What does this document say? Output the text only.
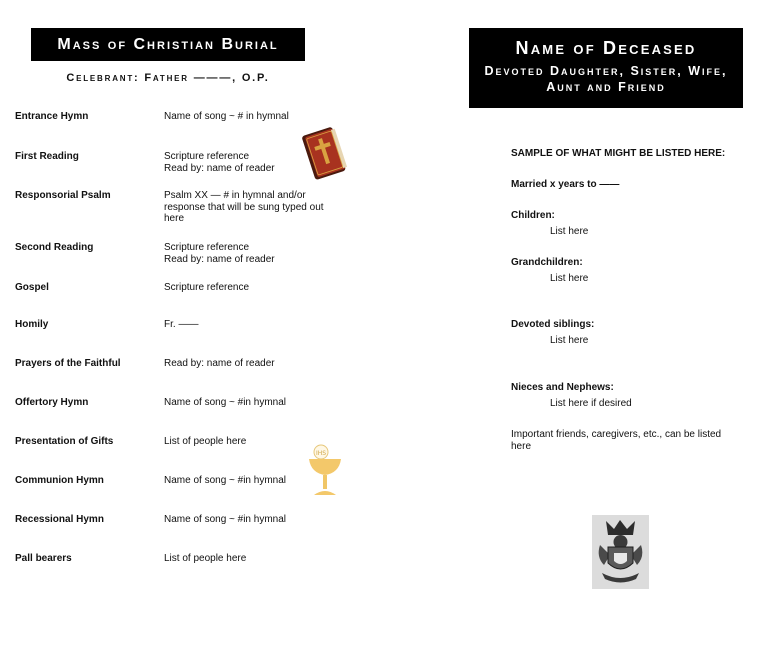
Mass of Christian Burial
Celebrant: Father ———, O.P.
Entrance Hymn	Name of song ~ # in hymnal
First Reading	Scripture reference
Read by: name of reader
Responsorial Psalm	Psalm XX — # in hymnal and/or response that will be sung typed out here
Second Reading	Scripture reference
Read by: name of reader
Gospel	Scripture reference
Homily	Fr. ——
Prayers of the Faithful	Read by: name of reader
Offertory Hymn	Name of song ~ #in hymnal
Presentation of Gifts	List of people here
Communion Hymn	Name of song ~ #in hymnal
Recessional Hymn	Name of song ~ #in hymnal
Pall bearers	List of people here
IHS
Name of Deceased
Devoted Daughter, Sister, Wife, Aunt and Friend
SAMPLE OF WHAT MIGHT BE LISTED HERE:
Married x years to ——
Children:
List here
Grandchildren:
List here
Devoted siblings:
List here
Nieces and Nephews:
List here if desired
Important friends, caregivers, etc., can be listed here
